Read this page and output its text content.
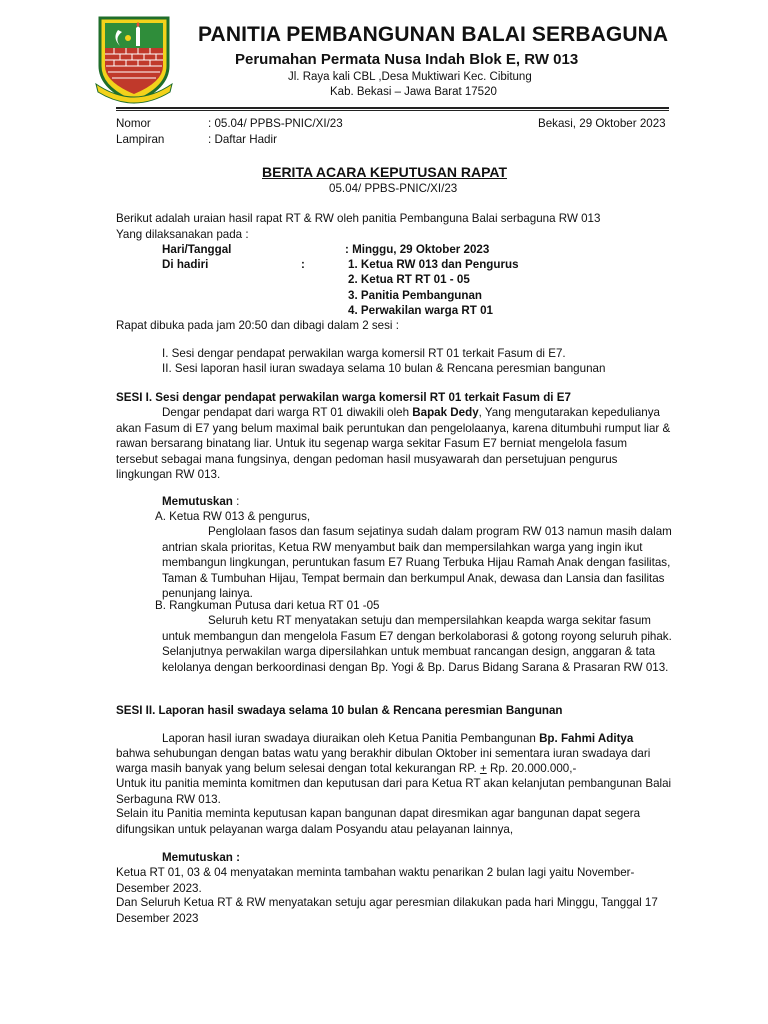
PANITIA PEMBANGUNAN BALAI SERBAGUNA
Perumahan Permata Nusa Indah Blok E, RW 013
Jl. Raya kali CBL ,Desa Muktiwari Kec. Cibitung
Kab. Bekasi – Jawa Barat 17520
Nomor	: 05.04/ PPBS-PNIC/XI/23	Bekasi, 29 Oktober 2023
Lampiran	: Daftar Hadir
BERITA ACARA KEPUTUSAN RAPAT
05.04/ PPBS-PNIC/XI/23
Berikut adalah uraian hasil rapat RT & RW oleh panitia Pembanguna Balai serbaguna RW 013
Yang dilaksanakan pada :
Hari/Tanggal	: Minggu, 29 Oktober 2023
Di hadiri	:	1. Ketua RW 013 dan Pengurus
2. Ketua RT RT 01 - 05
3. Panitia Pembangunan
4. Perwakilan warga RT 01
Rapat dibuka pada jam 20:50 dan dibagi dalam 2 sesi :
I. Sesi dengar pendapat perwakilan warga komersil RT 01 terkait Fasum di E7.
II. Sesi laporan hasil iuran swadaya selama 10 bulan & Rencana peresmian bangunan
SESI I. Sesi dengar pendapat perwakilan warga komersil RT 01 terkait Fasum di E7
Dengar pendapat dari warga RT 01 diwakili oleh Bapak Dedy, Yang mengutarakan kepedulianya akan Fasum di E7 yang belum maximal baik peruntukan dan pengelolaanya, karena ditumbuhi rumput liar & rawan bersarang binatang liar. Untuk itu segenap warga sekitar Fasum E7 berniat mengelola fasum tersebut sebagai mana fungsinya, dengan pedoman hasil musyawarah dan persetujuan pengurus lingkungan RW 013.
Memutuskan :
A. Ketua RW 013 & pengurus,
Penglolaan fasos dan fasum sejatinya sudah dalam program RW 013 namun masih dalam antrian skala prioritas, Ketua RW menyambut baik dan mempersilahkan warga yang ingin ikut membangun lingkungan, peruntukan fasum E7 Ruang Terbuka Hijau Ramah Anak dengan fasilitas, Taman & Tumbuhan Hijau, Tempat bermain dan berkumpul Anak, dewasa dan Lansia dan fasilitas penunjang lainya.
B. Rangkuman Putusa dari ketua RT 01 -05
Seluruh ketu RT menyatakan setuju dan mempersilahkan keapda warga sekitar fasum untuk membangun dan mengelola Fasum E7 dengan berkolaborasi & gotong royong seluruh pihak. Selanjutnya perwakilan warga dipersilahkan untuk membuat rancangan design, anggaran & tata kelolanya dengan berkoordinasi dengan Bp. Yogi & Bp. Darus Bidang Sarana & Prasaran RW 013.
SESI II. Laporan hasil swadaya selama 10 bulan & Rencana peresmian Bangunan
Laporan hasil iuran swadaya diuraikan oleh Ketua Panitia Pembangunan Bp. Fahmi Aditya
bahwa sehubungan dengan batas watu yang berakhir dibulan Oktober ini sementara iuran swadaya dari
warga masih banyak yang belum selesai dengan total kekurangan RP. + Rp. 20.000.000,-
Untuk itu panitia meminta komitmen dan keputusan dari para Ketua RT akan kelanjutan pembangunan Balai Serbaguna RW 013.
Selain itu Panitia meminta keputusan kapan bangunan dapat diresmikan agar bangunan dapat segera difungsikan untuk pelayanan warga dalam Posyandu atau pelayanan lainnya,
Memutuskan :
Ketua RT 01, 03 & 04 menyatakan meminta tambahan waktu penarikan 2 bulan lagi yaitu November-Desember 2023.
Dan Seluruh Ketua RT & RW menyatakan setuju agar peresmian dilakukan pada hari Minggu, Tanggal 17 Desember 2023
